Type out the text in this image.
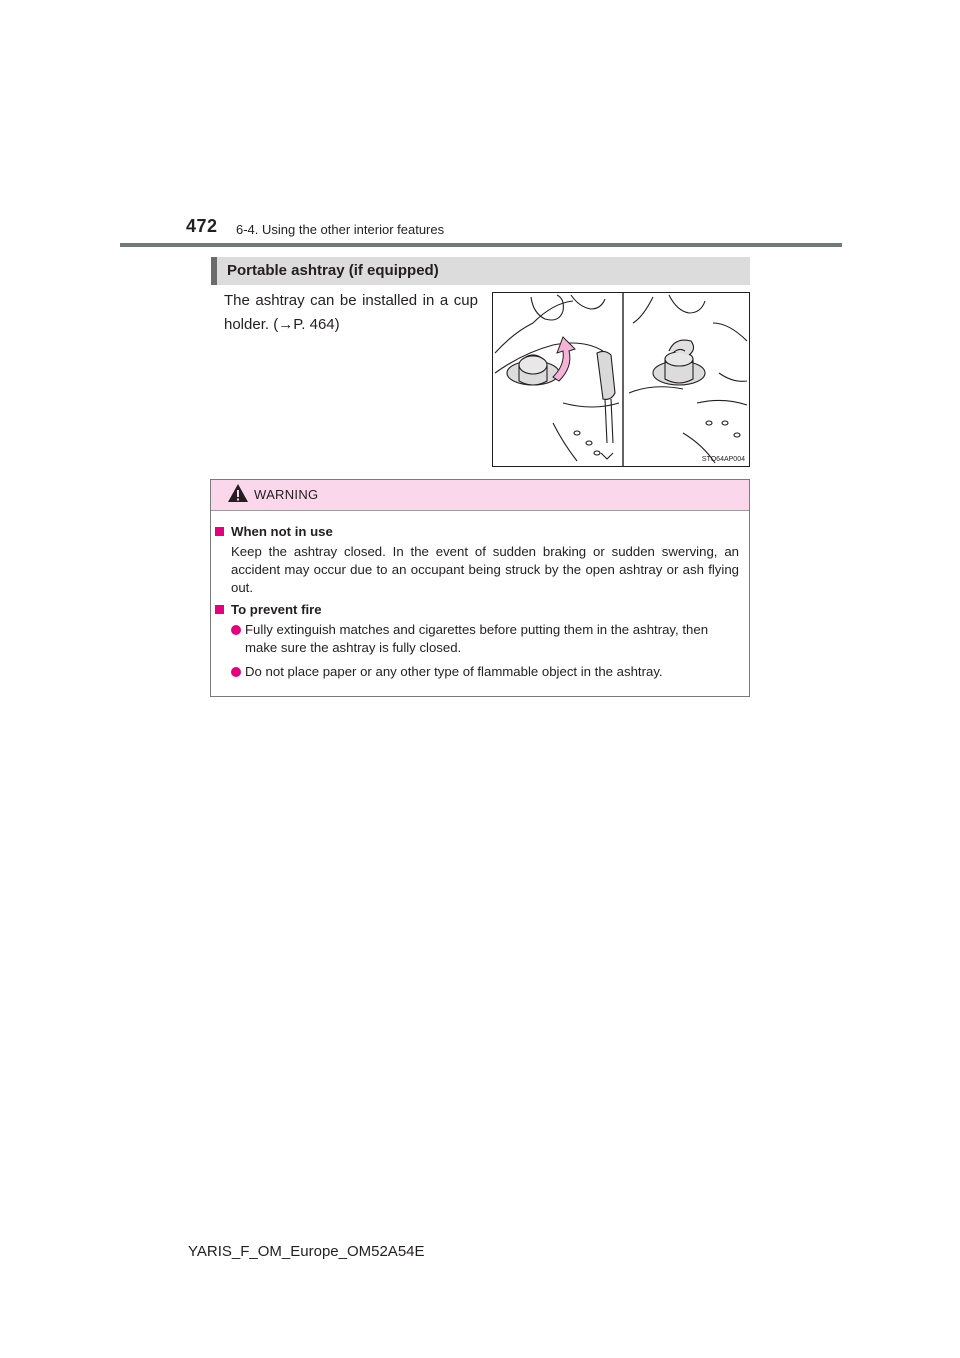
472 6-4. Using the other interior features
Portable ashtray (if equipped)
The ashtray can be installed in a cup holder. (→P. 464)
STO64AP004
WARNING
When not in use
Keep the ashtray closed. In the event of sudden braking or sudden swerving, an accident may occur due to an occupant being struck by the open ashtray or ash flying out.
To prevent fire
Fully extinguish matches and cigarettes before putting them in the ashtray, then make sure the ashtray is fully closed.
Do not place paper or any other type of flammable object in the ashtray.
YARIS_F_OM_Europe_OM52A54E
